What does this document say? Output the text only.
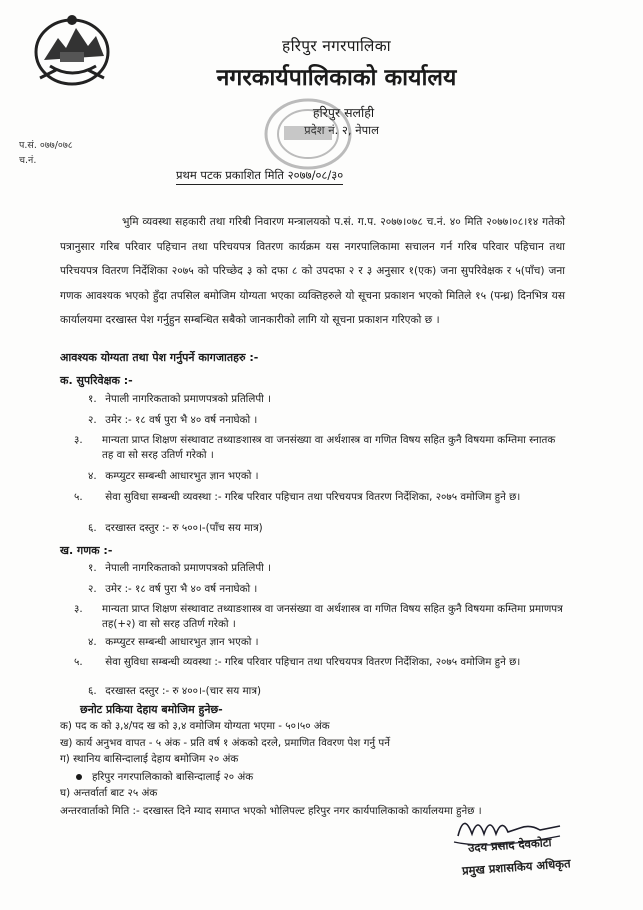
हरिपुर नगरपालिका
नगरकार्यपालिकाको कार्यालय
हरिपुर सर्लाही
प्रदेश नं. २, नेपाल
प.सं. ०७७/०७८
च.नं.
प्रथम पटक प्रकाशित मिति २०७७/०८/३०
भुमि व्यवस्था सहकारी तथा गरिबी निवारण मन्त्रालयको प.सं. ग.प. २०७७।०७८ च.नं. ४० मिति २०७७।०८।१४ गतेको पत्रानुसार गरिब परिवार पहिचान तथा परिचयपत्र वितरण कार्यक्रम यस नगरपालिकामा सचालन गर्न गरिब परिवार पहिचान तथा परिचयपत्र वितरण निर्देशिका २०७५ को परिच्छेद ३ को दफा ८ को उपदफा २ र ३ अनुसार १(एक) जना सुपरिवेक्षक र ५(पाँच) जना गणक आवश्यक भएको हुँदा तपसिल बमोजिम योग्यता भएका व्यक्तिहरुले यो सूचना प्रकाशन भएको मितिले १५ (पन्ध्र) दिनभित्र यस कार्यालयमा दरखास्त पेश गर्नुहुन सम्बन्धित सबैको जानकारीको लागि यो सूचना प्रकाशन गरिएको छ ।
आवश्यक योग्यता तथा पेश गर्नुपर्ने कागजातहरु :-
क. सुपरिवेक्षक :-
१. नेपाली नागरिकताको प्रमाणपत्रको प्रतिलिपी ।
२. उमेर :- १८ वर्ष पुरा भै ४० वर्ष ननाघेको ।
३. मान्यता प्राप्त शिक्षण संस्थावाट तथ्याङशास्त्र वा जनसंख्या वा अर्थशास्त्र वा गणित विषय सहित कुनै विषयमा कम्तिमा स्नातक तह वा सो सरह उतिर्ण गरेको ।
४. कम्प्युटर सम्बन्धी आधारभुत ज्ञान भएको ।
५. सेवा सुविधा सम्बन्धी व्यवस्था :- गरिब परिवार पहिचान तथा परिचयपत्र वितरण निर्देशिका, २०७५ वमोजिम हुने छ।
६. दरखास्त दस्तुर :- रु ५००।-(पाँच सय मात्र)
ख. गणक :-
१. नेपाली नागरिकताको प्रमाणपत्रको प्रतिलिपी ।
२. उमेर :- १८ वर्ष पुरा भै ४० वर्ष ननाघेको ।
३. मान्यता प्राप्त शिक्षण संस्थावाट तथ्याङशास्त्र वा जनसंख्या वा अर्थशास्त्र वा गणित विषय सहित कुनै विषयमा कम्तिमा प्रमाणपत्र तह(+२) वा सो सरह उतिर्ण गरेको ।
४. कम्प्युटर सम्बन्धी आधारभुत ज्ञान भएको ।
५. सेवा सुविधा सम्बन्धी व्यवस्था :- गरिब परिवार पहिचान तथा परिचयपत्र वितरण निर्देशिका, २०७५ वमोजिम हुने छ।
६. दरखास्त दस्तुर :- रु ४००।-(चार सय मात्र)
छनोट प्रकिया देहाय बमोजिम हुनेछ-
क) पद क को ३,४/पद ख को ३,४ वमोजिम योग्यता भएमा - ५०।५० अंक
ख) कार्य अनुभव वापत - ५ अंक - प्रति वर्ष १ अंकको दरले, प्रमाणित विवरण पेश गर्नु पर्ने
ग) स्थानिय बासिन्दालाई देहाय बमोजिम २० अंक
हरिपुर नगरपालिकाको बासिन्दालाई २० अंक
घ) अन्तर्वार्ता बाट २५ अंक
अन्तरवार्ताको मिति :- दरखास्त दिने म्याद समाप्त भएको भोलिपल्ट हरिपुर नगर कार्यपालिकाको कार्यालयमा हुनेछ ।
उदय प्रसाद देवकोटा
प्रमुख प्रशासकिय अधिकृत
